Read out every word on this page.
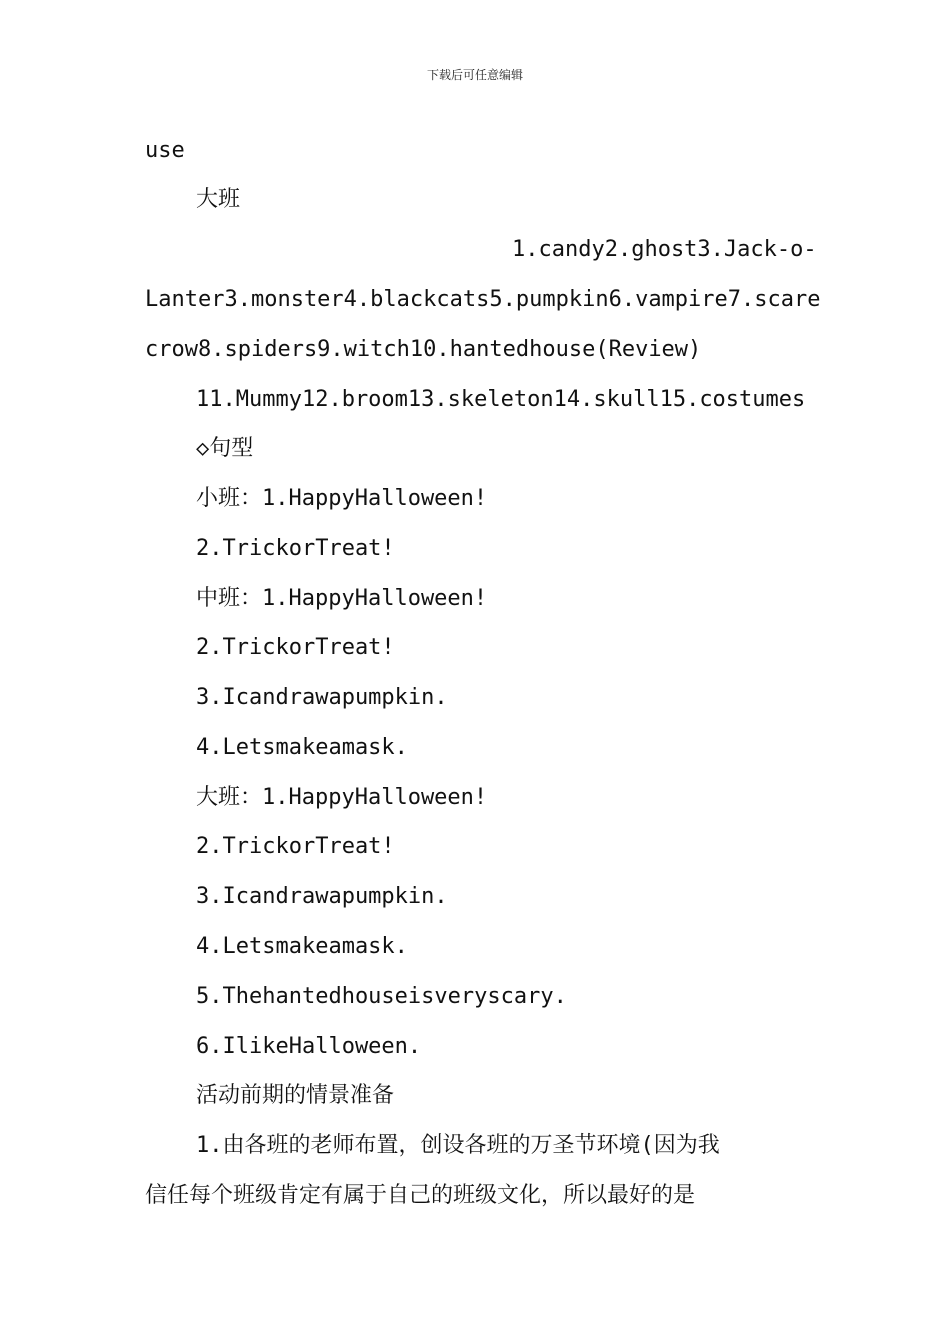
下载后可任意编辑
use
大班
1.candy2.ghost3.Jack-o-
Lanter3.monster4.blackcats5.pumpkin6.vampire7.scare
crow8.spiders9.witch10.hantedhouse(Review)
11.Mummy12.broom13.skeleton14.skull15.costumes
◇句型
小班：1.HappyHalloween!
2.TrickorTreat!
中班：1.HappyHalloween!
2.TrickorTreat!
3.Icandrawapumpkin.
4.Letsmakeamask.
大班：1.HappyHalloween!
2.TrickorTreat!
3.Icandrawapumpkin.
4.Letsmakeamask.
5.Thehantedhouseisveryscary.
6.IlikeHalloween.
活动前期的情景准备
1.由各班的老师布置，创设各班的万圣节环境(因为我
信任每个班级肯定有属于自己的班级文化，所以最好的是
